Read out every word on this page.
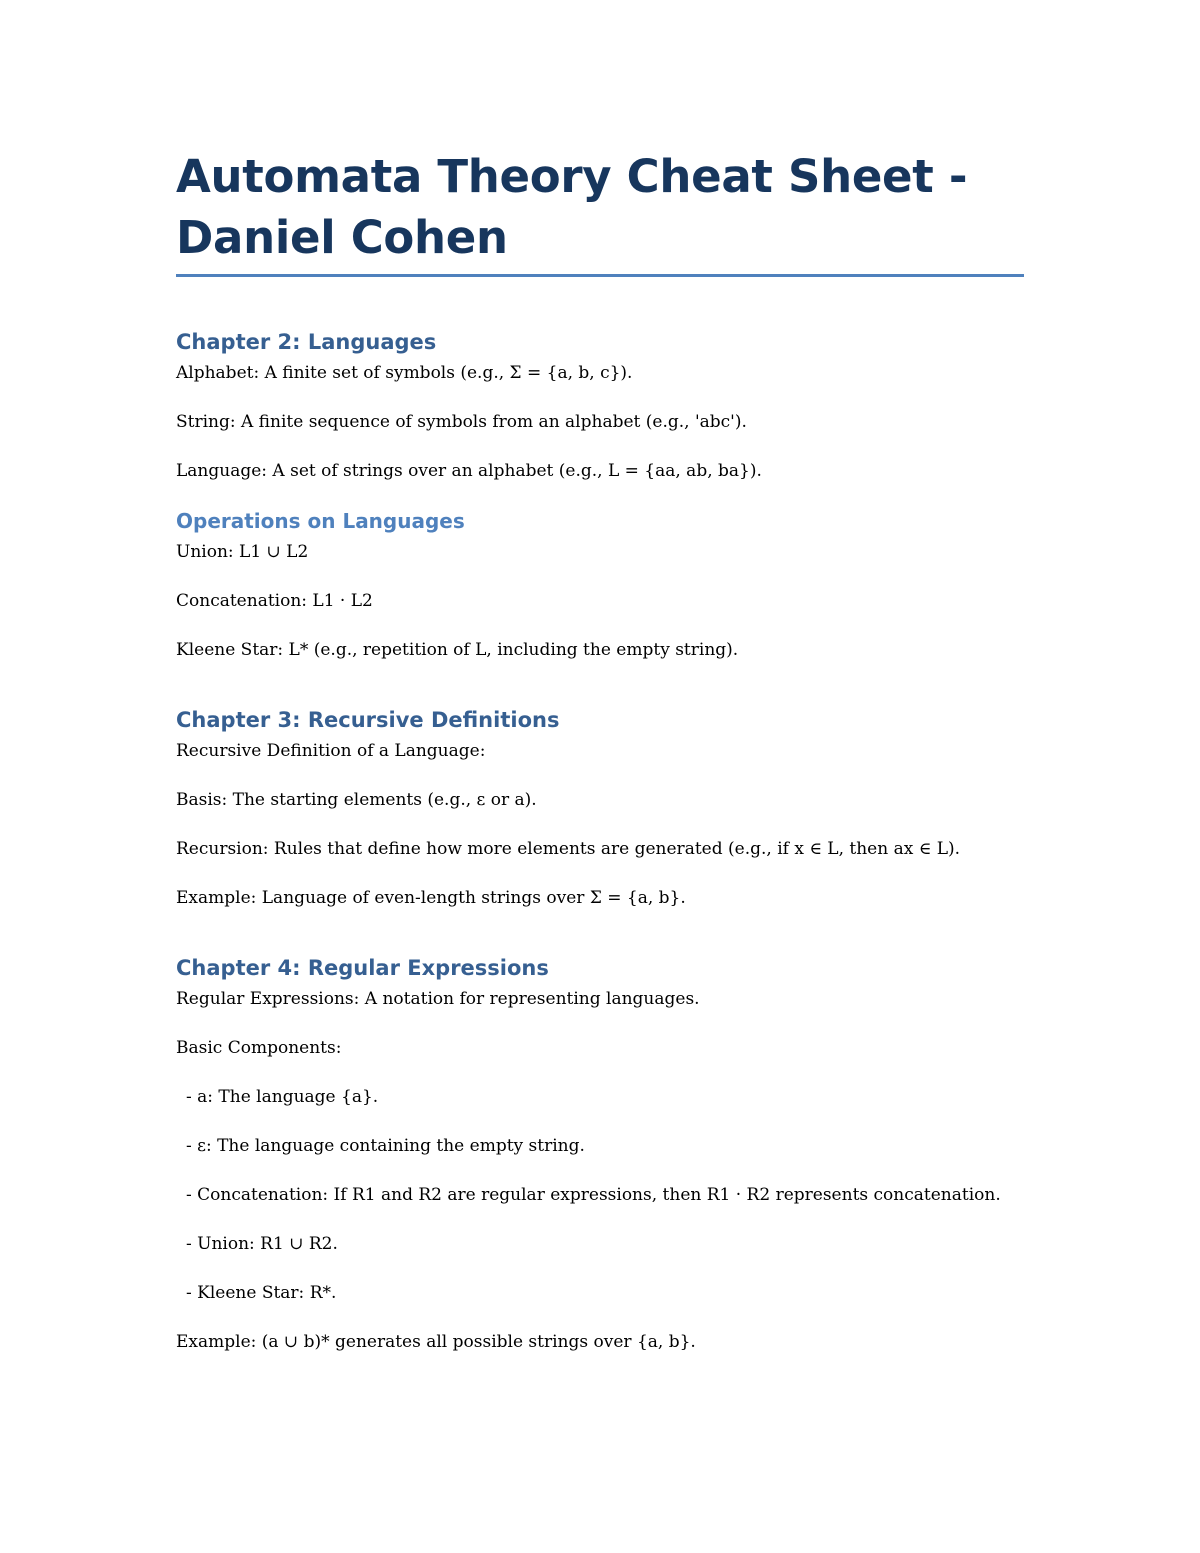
Automata Theory Cheat Sheet - Daniel Cohen
Chapter 2: Languages

Alphabet: A finite set of symbols (e.g., Σ = {a, b, c}).

String: A finite sequence of symbols from an alphabet (e.g., 'abc').

Language: A set of strings over an alphabet (e.g., L = {aa, ab, ba}).

Operations on Languages

Union: L1 ∪ L2

Concatenation: L1 · L2

Kleene Star: L* (e.g., repetition of L, including the empty string).

Chapter 3: Recursive Definitions

Recursive Definition of a Language:

Basis: The starting elements (e.g., ε or a).

Recursion: Rules that define how more elements are generated (e.g., if x ∈ L, then ax ∈ L).

Example: Language of even-length strings over Σ = {a, b}.

Chapter 4: Regular Expressions

Regular Expressions: A notation for representing languages.

Basic Components:

- a: The language {a}.

- ε: The language containing the empty string.

- Concatenation: If R1 and R2 are regular expressions, then R1 · R2 represents concatenation.

- Union: R1 ∪ R2.

- Kleene Star: R*.

Example: (a ∪ b)* generates all possible strings over {a, b}.
